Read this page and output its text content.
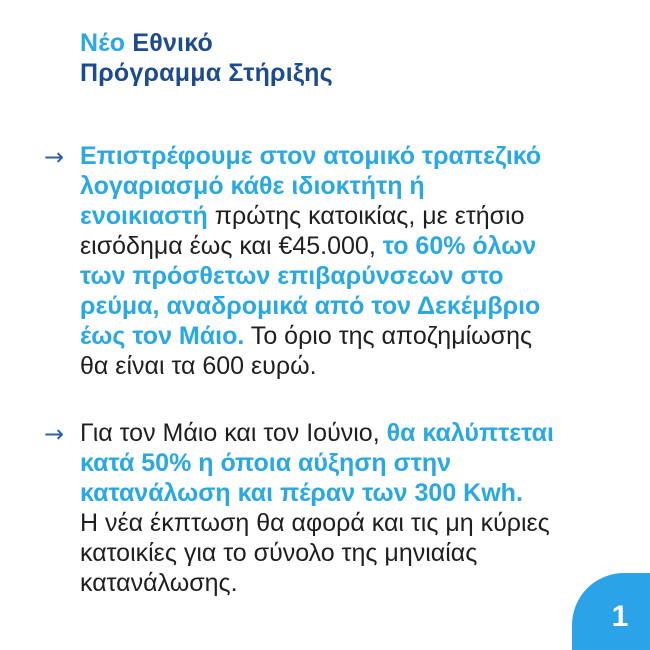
Νέο Εθνικό
Πρόγραμμα Στήριξης
→ Επιστρέφουμε στον ατομικό τραπεζικό
λογαριασμό κάθε ιδιοκτήτη ή
ενοικιαστή πρώτης κατοικίας, με ετήσιο
εισόδημα έως και €45.000, το 60% όλων
των πρόσθετων επιβαρύνσεων στο
ρεύμα, αναδρομικά από τον Δεκέμβριο
έως τον Μάιο. Το όριο της αποζημίωσης
θα είναι τα 600 ευρώ.
→ Για τον Μάιο και τον Ιούνιο, θα καλύπτεται
κατά 50% η όποια αύξηση στην
κατανάλωση και πέραν των 300 Kwh.
Η νέα έκπτωση θα αφορά και τις μη κύριες
κατοικίες για το σύνολο της μηνιαίας
κατανάλωσης.
1
